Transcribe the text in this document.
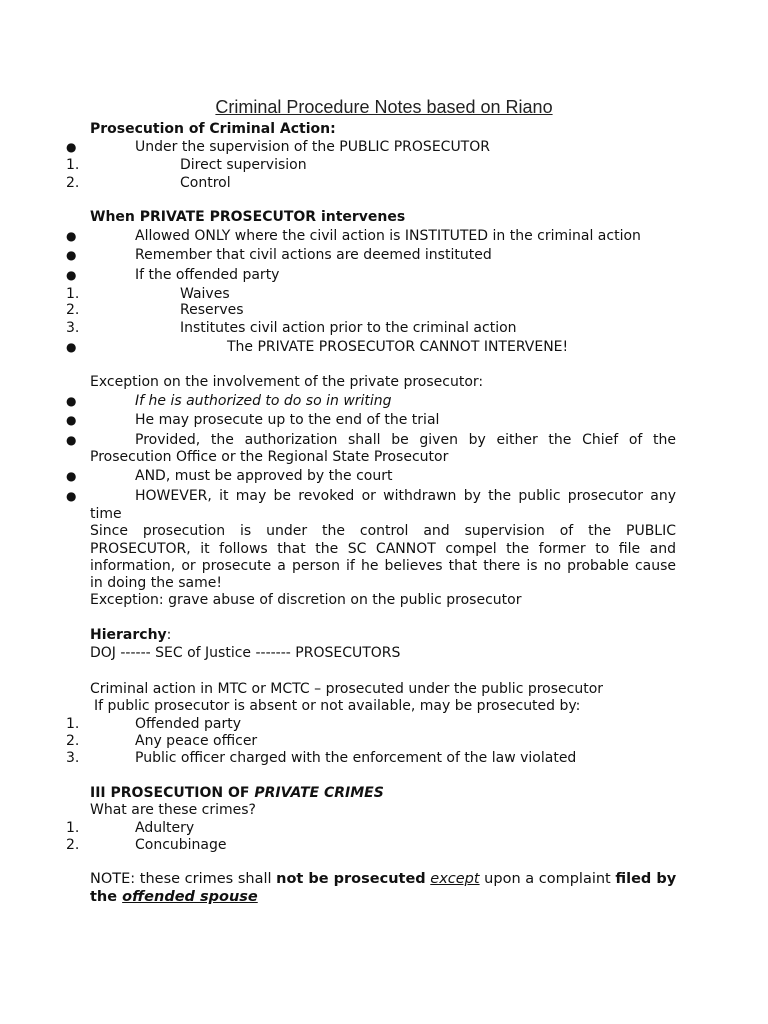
Criminal Procedure Notes based on Riano
Prosecution of Criminal Action:
●	Under the supervision of the PUBLIC PROSECUTOR
1.	Direct supervision
2.	Control
When PRIVATE PROSECUTOR intervenes
●	Allowed ONLY where the civil action is INSTITUTED in the criminal action
●	Remember that civil actions are deemed instituted
●	If the offended party
1.	Waives
2.	Reserves
3.	Institutes civil action prior to the criminal action
●	The PRIVATE PROSECUTOR CANNOT INTERVENE!
Exception on the involvement of the private prosecutor:
●	If he is authorized to do so in writing
●	He may prosecute up to the end of the trial
●	Provided, the authorization shall be given by either the Chief of the
Prosecution Office or the Regional State Prosecutor
●	AND, must be approved by the court
●	HOWEVER, it may be revoked or withdrawn by the public prosecutor any
time
Since prosecution is under the control and supervision of the PUBLIC
PROSECUTOR, it follows that the SC CANNOT compel the former to file and
information, or prosecute a person if he believes that there is no probable cause
in doing the same!
Exception: grave abuse of discretion on the public prosecutor
Hierarchy:
DOJ ------ SEC of Justice ------- PROSECUTORS
Criminal action in MTC or MCTC – prosecuted under the public prosecutor
If public prosecutor is absent or not available, may be prosecuted by:
1.	Offended party
2.	Any peace officer
3.	Public officer charged with the enforcement of the law violated
III PROSECUTION OF PRIVATE CRIMES
What are these crimes?
1.	Adultery
2.	Concubinage
NOTE: these crimes shall not be prosecuted except upon a complaint filed by
the offended spouse
